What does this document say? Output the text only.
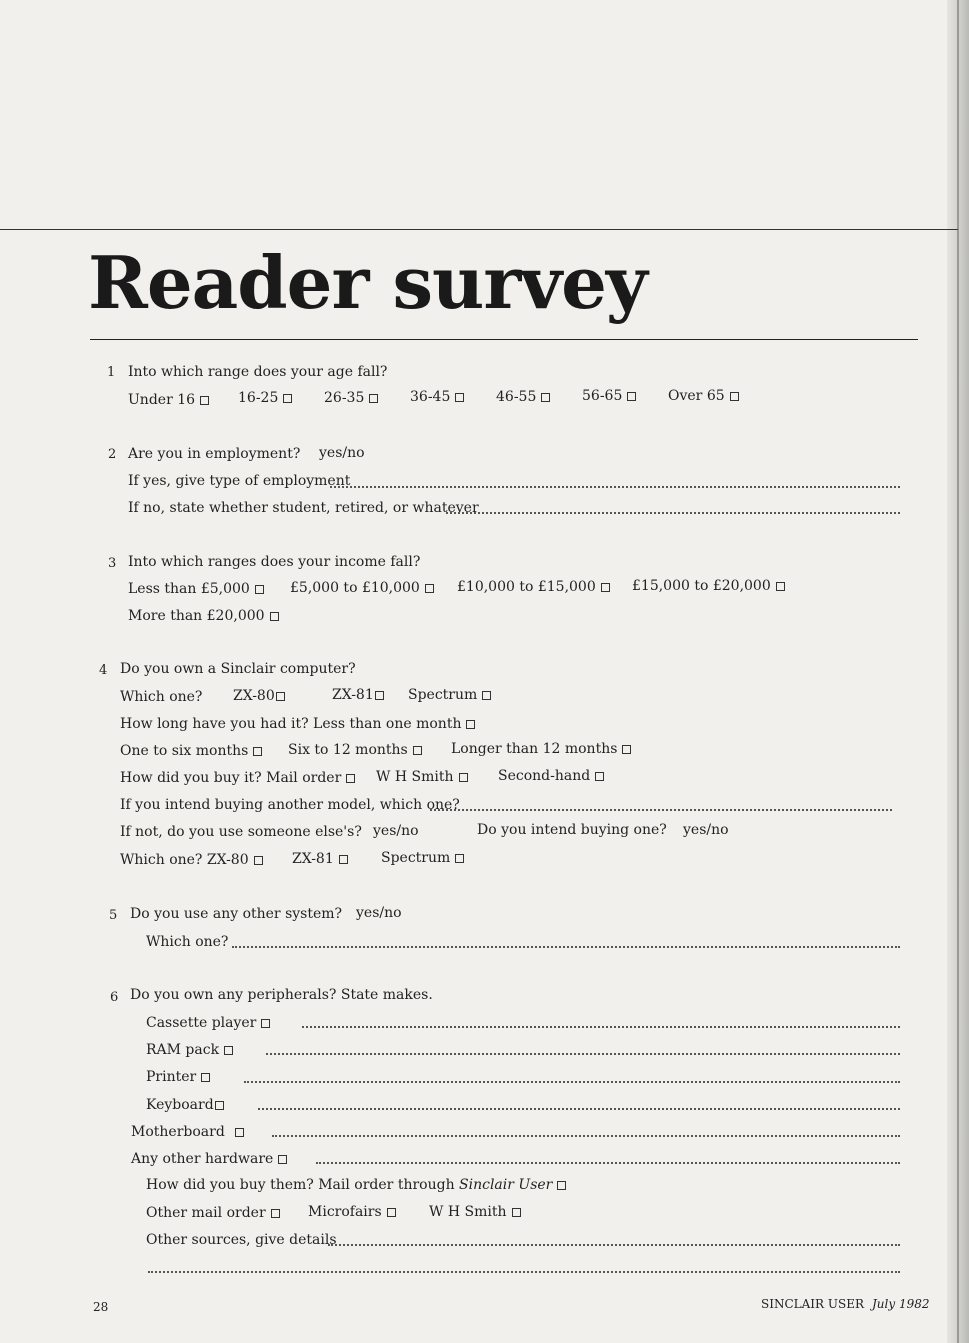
Reader survey
1 Into which range does your age fall?
Under 16	16-25	26-35	36-45	46-55	56-65	Over 65
2 Are you in employment? yes/no
If yes, give type of employment
If no, state whether student, retired, or whatever
3 Into which ranges does your income fall?
Less than £5,000	£5,000 to £10,000	£10,000 to £15,000	£15,000 to £20,000
More than £20,000
4 Do you own a Sinclair computer?
Which one? ZX-80	ZX-81	Spectrum
How long have you had it? Less than one month
One to six months	Six to 12 months	Longer than 12 months
How did you buy it? Mail order	W H Smith	Second-hand
If you intend buying another model, which one?
If not, do you use someone else's? yes/no	Do you intend buying one? yes/no
Which one? ZX-80	ZX-81	Spectrum
5 Do you use any other system? yes/no
Which one?
6 Do you own any peripherals? State makes.
Cassette player
RAM pack
Printer
Keyboard
Motherboard
Any other hardware
How did you buy them? Mail order through Sinclair User
Other mail order	Microfairs	W H Smith
Other sources, give details
28	SINCLAIR USER July 1982
